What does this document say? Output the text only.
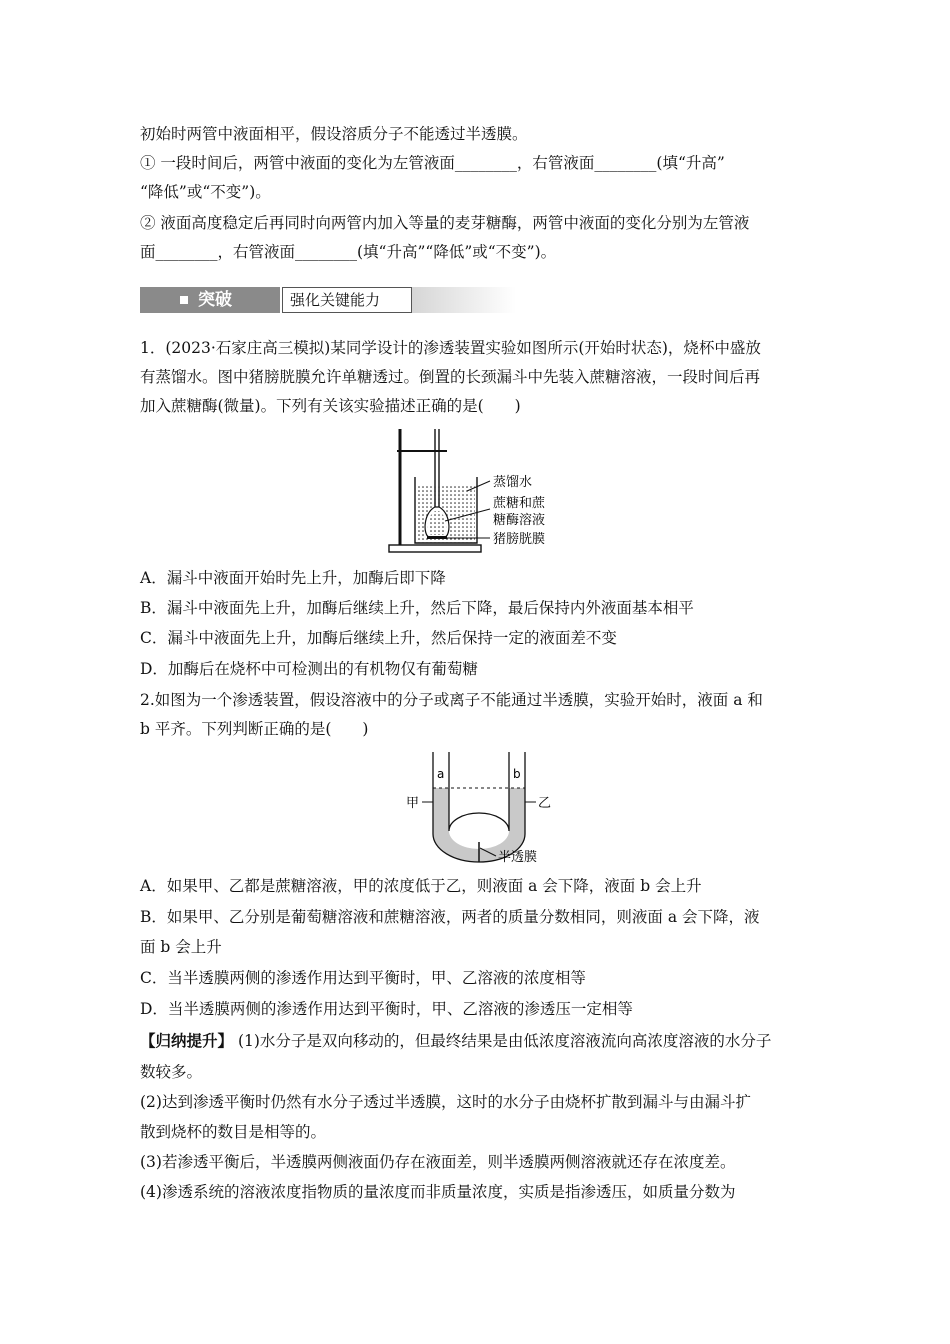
初始时两管中液面相平，假设溶质分子不能透过半透膜。
① 一段时间后，两管中液面的变化为左管液面________，右管液面________(填“升高”
“降低”或“不变”)。
② 液面高度稳定后再同时向两管内加入等量的麦芽糖酶，两管中液面的变化分别为左管液
面________，右管液面________(填“升高”“降低”或“不变”)。
突破	强化关键能力
1．(2023·石家庄高三模拟)某同学设计的渗透装置实验如图所示(开始时状态)，烧杯中盛放
有蒸馏水。图中猪膀胱膜允许单糖透过。倒置的长颈漏斗中先装入蔗糖溶液，一段时间后再
加入蔗糖酶(微量)。下列有关该实验描述正确的是(　　)
蒸馏水
蔗糖和蔗
糖酶溶液
猪膀胱膜
A．漏斗中液面开始时先上升，加酶后即下降
B．漏斗中液面先上升，加酶后继续上升，然后下降，最后保持内外液面基本相平
C．漏斗中液面先上升，加酶后继续上升，然后保持一定的液面差不变
D．加酶后在烧杯中可检测出的有机物仅有葡萄糖
2.如图为一个渗透装置，假设溶液中的分子或离子不能通过半透膜，实验开始时，液面 a 和
b 平齐。下列判断正确的是(　　)
a	b
甲	乙
半透膜
A．如果甲、乙都是蔗糖溶液，甲的浓度低于乙，则液面 a 会下降，液面 b 会上升
B．如果甲、乙分别是葡萄糖溶液和蔗糖溶液，两者的质量分数相同，则液面 a 会下降，液
面 b 会上升
C．当半透膜两侧的渗透作用达到平衡时，甲、乙溶液的浓度相等
D．当半透膜两侧的渗透作用达到平衡时，甲、乙溶液的渗透压一定相等
【归纳提升】 (1)水分子是双向移动的，但最终结果是由低浓度溶液流向高浓度溶液的水分子
数较多。
(2)达到渗透平衡时仍然有水分子透过半透膜，这时的水分子由烧杯扩散到漏斗与由漏斗扩
散到烧杯的数目是相等的。
(3)若渗透平衡后，半透膜两侧液面仍存在液面差，则半透膜两侧溶液就还存在浓度差。
(4)渗透系统的溶液浓度指物质的量浓度而非质量浓度，实质是指渗透压，如质量分数为
